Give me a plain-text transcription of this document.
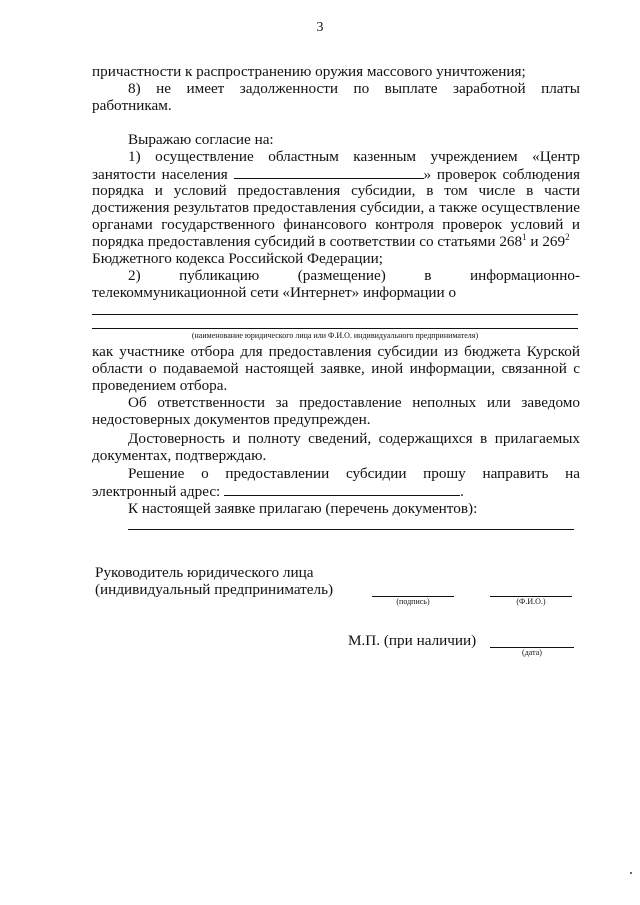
3

причастности к распространению оружия массового уничтожения;

8) не имеет задолженности по выплате заработной платы

работникам.

Выражаю согласие на:

1) осуществление областным казенным учреждением «Центр

занятости населения	» проверок соблюдения

порядка и условий предоставления субсидии, в том числе в части

достижения результатов предоставления субсидии, а также осуществление

органами государственного финансового контроля проверок условий и

порядка предоставления субсидий в соответствии со статьями $268^1$ и $269^2$

Бюджетного кодекса Российской Федерации;

2) публикацию (размещение) в информационно-

телекоммуникационной сети «Интернет» информации о

(наименование юридического лица или Ф.И.О. индивидуального предпринимателя)

как участнике отбора для предоставления субсидии из бюджета Курской

области о подаваемой настоящей заявке, иной информации, связанной с

проведением отбора.

Об ответственности за предоставление неполных или заведомо

недостоверных документов предупрежден.

Достоверность и полноту сведений, содержащихся в прилагаемых

документах, подтверждаю.

Решение о предоставлении субсидии прошу направить на

электронный адрес:	.

К настоящей заявке прилагаю (перечень документов):

Руководитель юридического лица
(индивидуальный предприниматель)
(подпись)	(Ф.И.О.)
М.П. (при наличии)
(дата)
